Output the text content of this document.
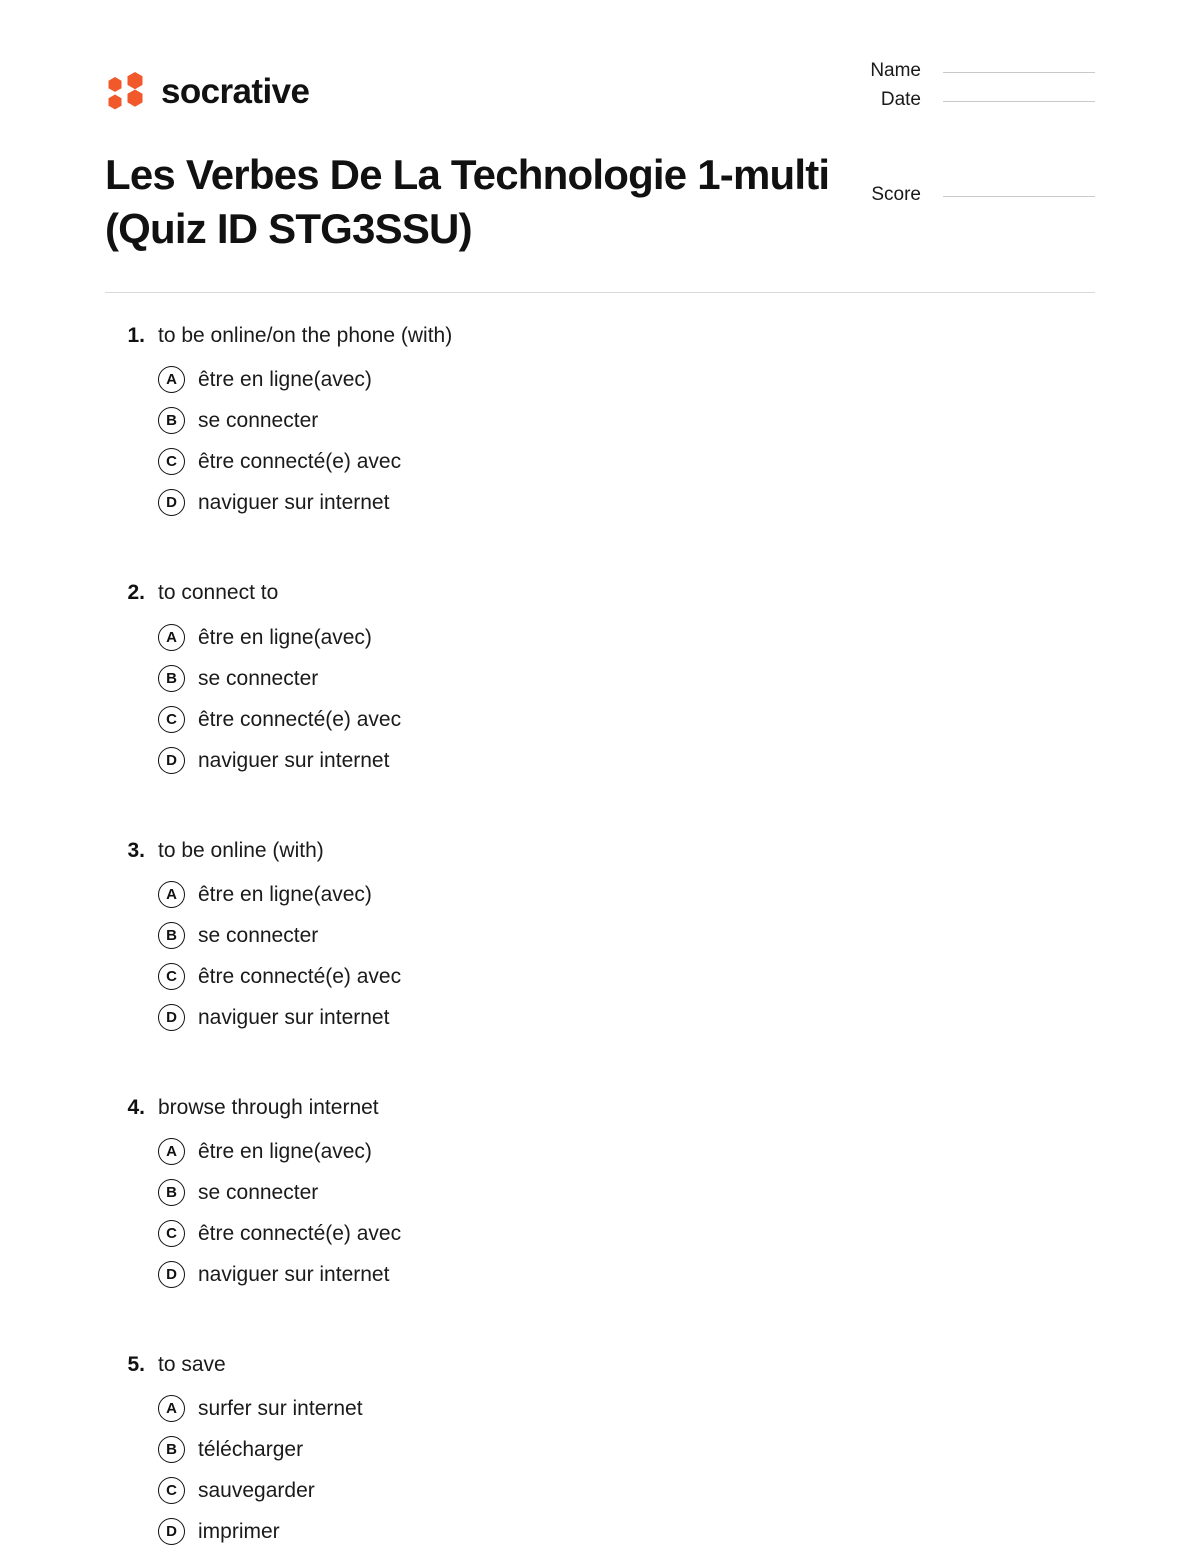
socrative
Name
Date
Score
Les Verbes De La Technologie 1-multi (Quiz ID STG3SSU)
1. to be online/on the phone (with)
A	être en ligne(avec)
B	se connecter
C	être connecté(e) avec
D	naviguer sur internet
2. to connect to
A	être en ligne(avec)
B	se connecter
C	être connecté(e) avec
D	naviguer sur internet
3. to be online (with)
A	être en ligne(avec)
B	se connecter
C	être connecté(e) avec
D	naviguer sur internet
4. browse through internet
A	être en ligne(avec)
B	se connecter
C	être connecté(e) avec
D	naviguer sur internet
5. to save
A	surfer sur internet
B	télécharger
C	sauvegarder
D	imprimer
